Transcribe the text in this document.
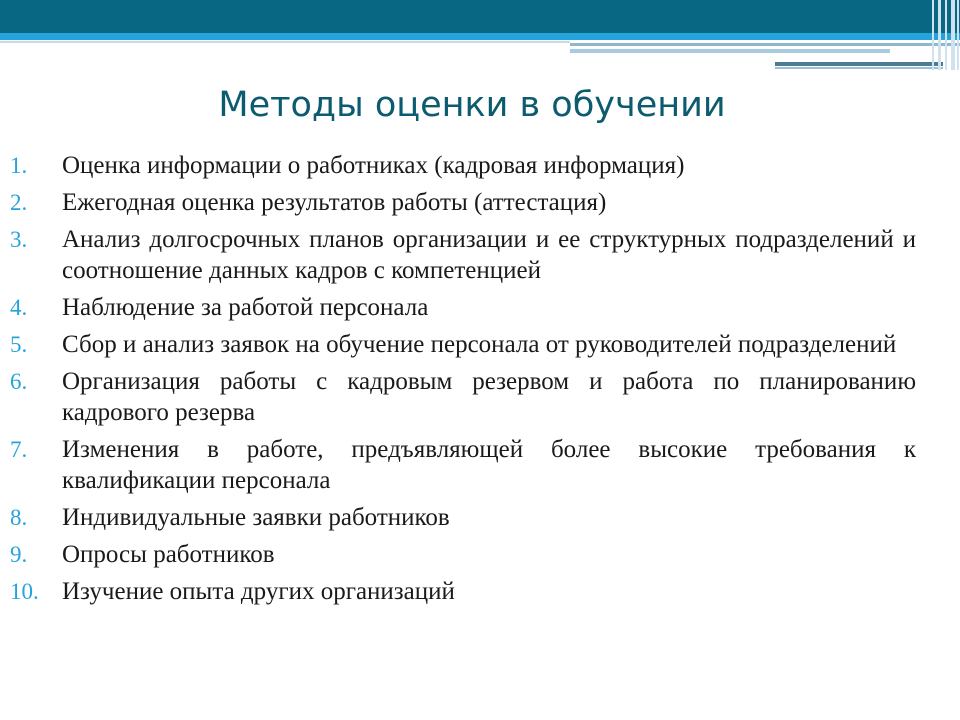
Методы оценки в обучении
1.	Оценка информации о работниках (кадровая информация)
2.	Ежегодная оценка результатов работы (аттестация)
3.	Анализ долгосрочных планов организации и ее структурных подразделений и соотношение данных кадров с компетенцией
4.	Наблюдение за работой персонала
5.	Сбор и анализ заявок на обучение персонала от руководителей подразделений
6.	Организация работы с кадровым резервом и работа по планированию кадрового резерва
7.	Изменения в работе, предъявляющей более высокие требования к квалификации персонала
8.	Индивидуальные заявки работников
9.	Опросы работников
10. Изучение опыта других организаций
